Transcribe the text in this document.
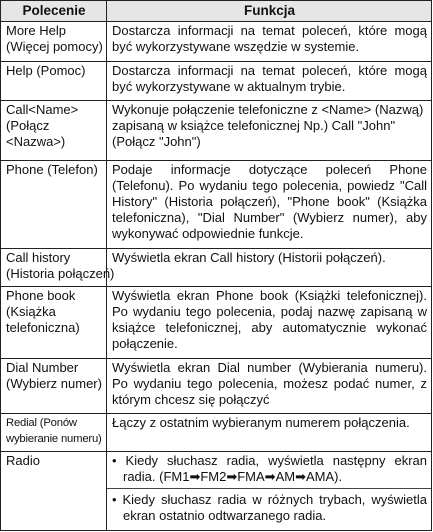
Polecenie	Funkcja

More Help
(Więcej pomocy)	Dostarcza informacji na temat poleceń, które mogą być wykorzystywane wszędzie w systemie.

Help (Pomoc)	Dostarcza informacji na temat poleceń, które mogą być wykorzystywane w aktualnym trybie.

Call<Name>
(Połącz
<Nazwa>)	Wykonuje połączenie telefoniczne z <Name> (Nazwą) zapisaną w książce telefonicznej Np.) Call "John" (Połącz "John")

Phone (Telefon)	Podaje informacje dotyczące poleceń Phone (Telefonu). Po wydaniu tego polecenia, powiedz "Call History" (Historia połączeń), "Phone book" (Książka telefoniczna), "Dial Number" (Wybierz numer), aby wykonywać odpowiednie funkcje.

Call history
(Historia połączeń)	Wyświetla ekran Call history (Historii połączeń).

Phone book
(Książka
telefoniczna)	Wyświetla ekran Phone book (Książki telefonicznej). Po wydaniu tego polecenia, podaj nazwę zapisaną w książce telefonicznej, aby automatycznie wykonać połączenie.

Dial Number
(Wybierz numer)	Wyświetla ekran Dial number (Wybierania numeru). Po wydaniu tego polecenia, możesz podać numer, z którym chcesz się połączyć

Redial (Ponów
wybieranie numeru)	Łączy z ostatnim wybieranym numerem połączenia.

Radio	• Kiedy słuchasz radia, wyświetla następny ekran radia. (FM1➡FM2➡FMA➡AM➡AMA).
• Kiedy słuchasz radia w różnych trybach, wyświetla ekran ostatnio odtwarzanego radia.
